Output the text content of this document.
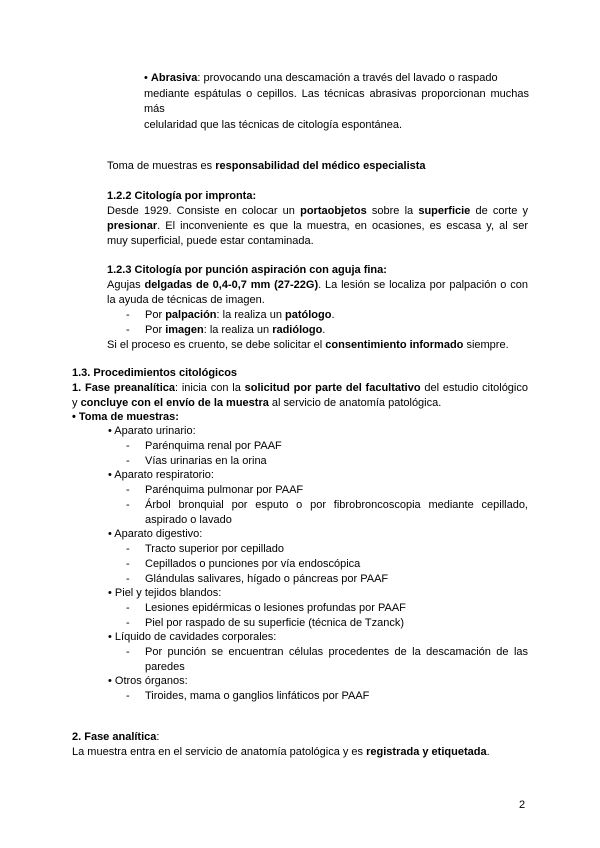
• Abrasiva: provocando una descamación a través del lavado o raspado
mediante espátulas o cepillos. Las técnicas abrasivas proporcionan muchas
más
celularidad que las técnicas de citología espontánea.
Toma de muestras es responsabilidad del médico especialista
1.2.2 Citología por impronta:
Desde 1929. Consiste en colocar un portaobjetos sobre la superficie de corte y
presionar. El inconveniente es que la muestra, en ocasiones, es escasa y, al ser
muy superficial, puede estar contaminada.
1.2.3 Citología por punción aspiración con aguja fina:
Agujas delgadas de 0,4-0,7 mm (27-22G). La lesión se localiza por palpación o con
la ayuda de técnicas de imagen.
- Por palpación: la realiza un patólogo.
- Por imagen: la realiza un radiólogo.
Si el proceso es cruento, se debe solicitar el consentimiento informado siempre.
1.3. Procedimientos citológicos
1. Fase preanalítica: inicia con la solicitud por parte del facultativo del estudio citológico
y concluye con el envío de la muestra al servicio de anatomía patológica.
• Toma de muestras:
• Aparato urinario:
- Parénquima renal por PAAF
- Vías urinarias en la orina
• Aparato respiratorio:
- Parénquima pulmonar por PAAF
- Árbol bronquial por esputo o por fibrobroncoscopia mediante cepillado,
aspirado o lavado
• Aparato digestivo:
- Tracto superior por cepillado
- Cepillados o punciones por vía endoscópica
- Glándulas salivares, hígado o páncreas por PAAF
• Piel y tejidos blandos:
- Lesiones epidérmicas o lesiones profundas por PAAF
- Piel por raspado de su superficie (técnica de Tzanck)
• Líquido de cavidades corporales:
- Por punción se encuentran células procedentes de la descamación de las
paredes
• Otros órganos:
- Tiroides, mama o ganglios linfáticos por PAAF
2. Fase analítica:
La muestra entra en el servicio de anatomía patológica y es registrada y etiquetada.
2
